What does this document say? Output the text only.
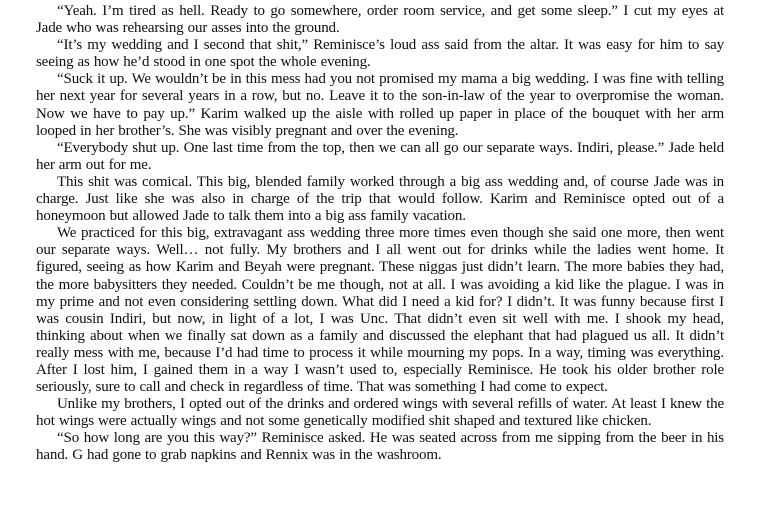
“Yeah. I’m tired as hell. Ready to go somewhere, order room service, and get some sleep.” I cut my eyes at Jade who was rehearsing our asses into the ground.

“It’s my wedding and I second that shit,” Reminisce’s loud ass said from the altar. It was easy for him to say seeing as how he’d stood in one spot the whole evening.

“Suck it up. We wouldn’t be in this mess had you not promised my mama a big wedding. I was fine with telling her next year for several years in a row, but no. Leave it to the son-in-law of the year to overpromise the woman. Now we have to pay up.” Karim walked up the aisle with rolled up paper in place of the bouquet with her arm looped in her brother’s. She was visibly pregnant and over the evening.

“Everybody shut up. One last time from the top, then we can all go our separate ways. Indiri, please.” Jade held her arm out for me.

This shit was comical. This big, blended family worked through a big ass wedding and, of course Jade was in charge. Just like she was also in charge of the trip that would follow. Karim and Reminisce opted out of a honeymoon but allowed Jade to talk them into a big ass family vacation.

We practiced for this big, extravagant ass wedding three more times even though she said one more, then went our separate ways. Well… not fully. My brothers and I all went out for drinks while the ladies went home. It figured, seeing as how Karim and Beyah were pregnant. These niggas just didn’t learn. The more babies they had, the more babysitters they needed. Couldn’t be me though, not at all. I was avoiding a kid like the plague. I was in my prime and not even considering settling down. What did I need a kid for? I didn’t. It was funny because first I was cousin Indiri, but now, in light of a lot, I was Unc. That didn’t even sit well with me. I shook my head, thinking about when we finally sat down as a family and discussed the elephant that had plagued us all. It didn’t really mess with me, because I’d had time to process it while mourning my pops. In a way, timing was everything. After I lost him, I gained them in a way I wasn’t used to, especially Reminisce. He took his older brother role seriously, sure to call and check in regardless of time. That was something I had come to expect.

Unlike my brothers, I opted out of the drinks and ordered wings with several refills of water. At least I knew the hot wings were actually wings and not some genetically modified shit shaped and textured like chicken.

“So how long are you this way?” Reminisce asked. He was seated across from me sipping from the beer in his hand. G had gone to grab napkins and Rennix was in the washroom.
